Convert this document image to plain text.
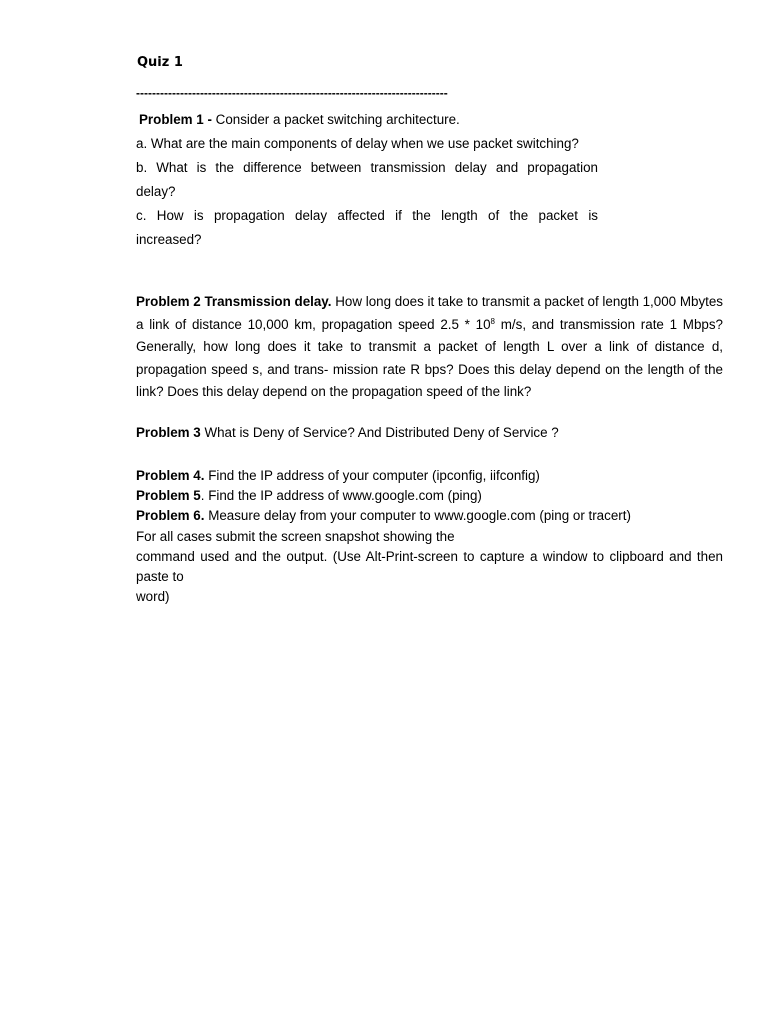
Quiz 1
------------------------------------------------------------------------------
Problem 1 - Consider a packet switching architecture.
a. What are the main components of delay when we use packet switching?
b. What is the difference between transmission delay and propagation
delay?
c. How is propagation delay affected if the length of the packet is
increased?
Problem 2 Transmission delay. How long does it take to transmit a packet of length 1,000 Mbytes a link of distance 10,000 km, propagation speed $2.5 * 10^8$ m/s, and transmission rate 1 Mbps? Generally, how long does it take to transmit a packet of length L over a link of distance d, propagation speed s, and trans- mission rate R bps? Does this delay depend on the length of the link? Does this delay depend on the propagation speed of the link?
Problem 3 What is Deny of Service? And Distributed Deny of Service ?
Problem 4. Find the IP address of your computer (ipconfig, iifconfig)
Problem 5. Find the IP address of www.google.com (ping)
Problem 6. Measure delay from your computer to www.google.com (ping or tracert)
For all cases submit the screen snapshot showing the
command used and the output. (Use Alt-Print-screen to capture a window to clipboard and then
paste to
word)
